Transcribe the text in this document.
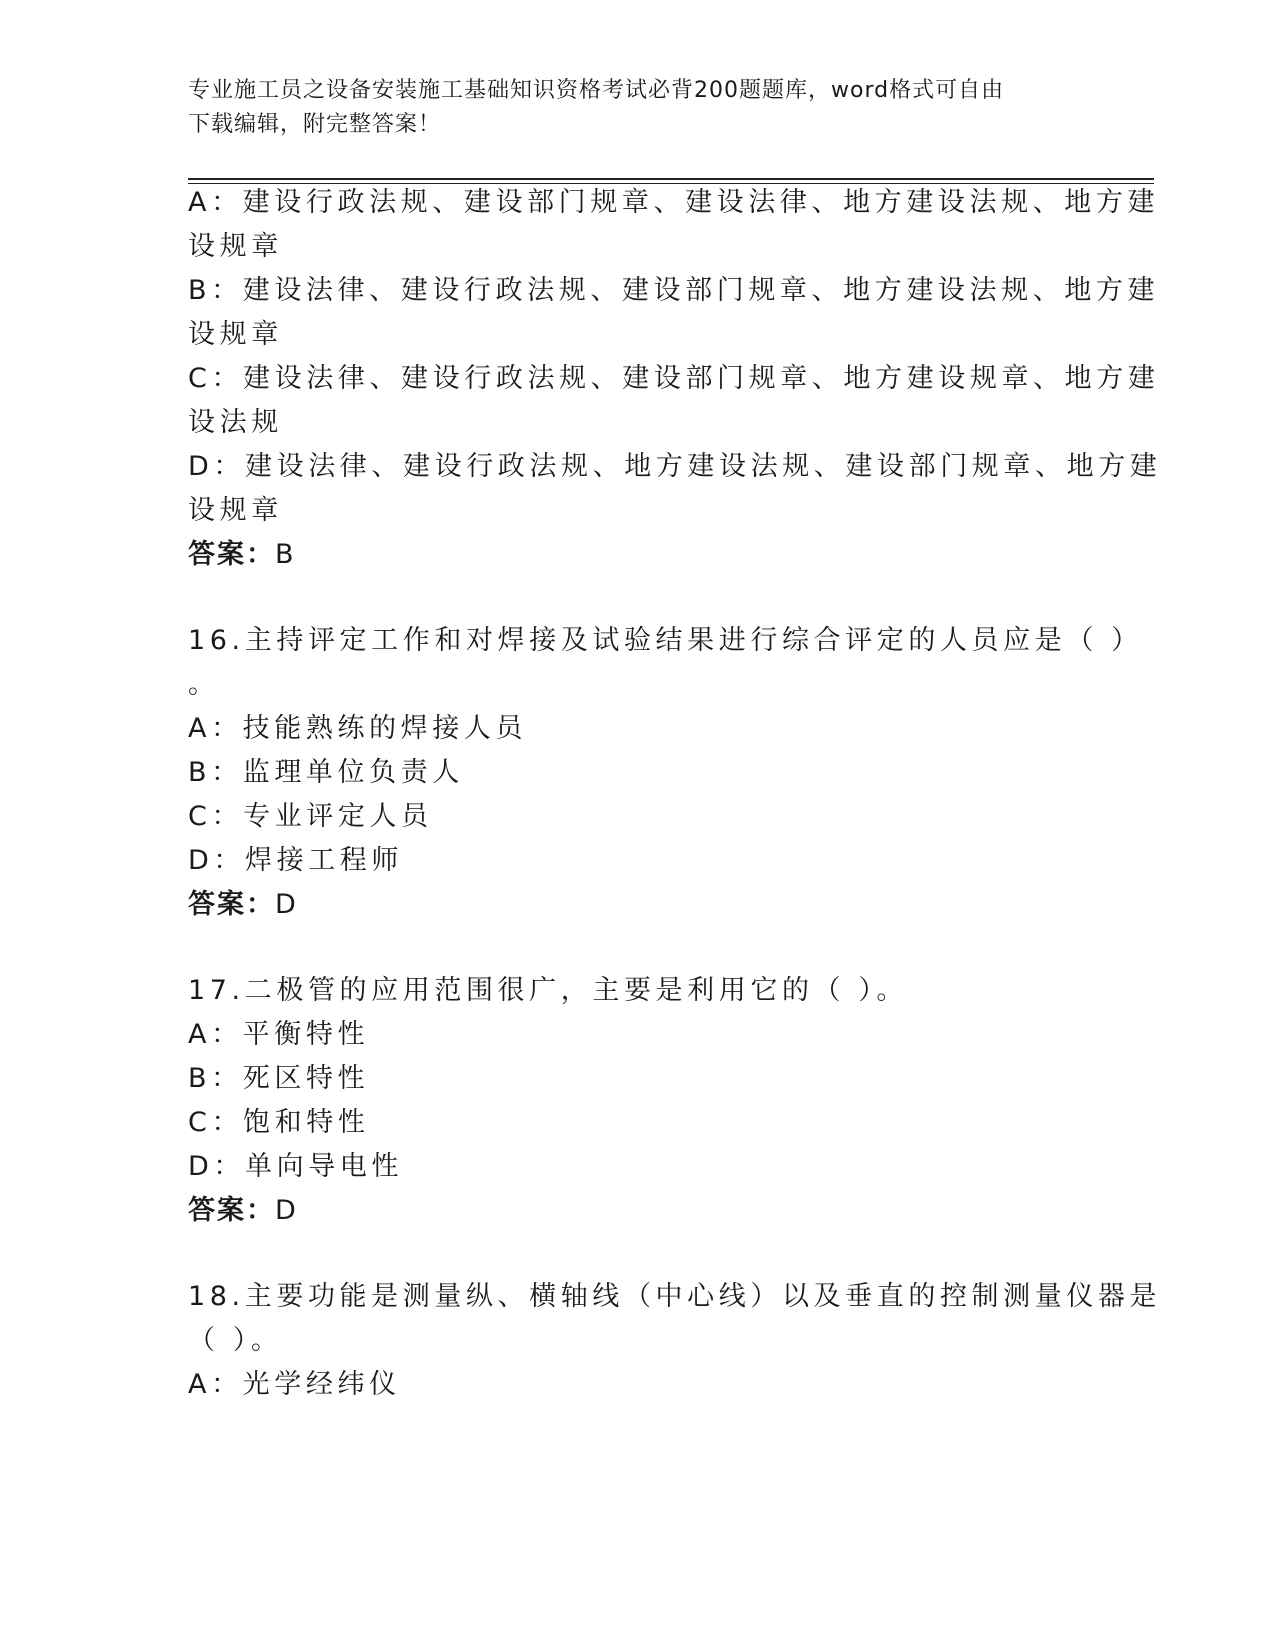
专业施工员之设备安装施工基础知识资格考试必背200题题库，word格式可自由
下载编辑，附完整答案！
A：建设行政法规、建设部门规章、建设法律、地方建设法规、地方建
设规章
B：建设法律、建设行政法规、建设部门规章、地方建设法规、地方建
设规章
C：建设法律、建设行政法规、建设部门规章、地方建设规章、地方建
设法规
D：建设法律、建设行政法规、地方建设法规、建设部门规章、地方建
设规章
答案：B
16.主持评定工作和对焊接及试验结果进行综合评定的人员应是（ ）
。
A：技能熟练的焊接人员
B：监理单位负责人
C：专业评定人员
D：焊接工程师
答案：D
17.二极管的应用范围很广，主要是利用它的（ ）。
A：平衡特性
B：死区特性
C：饱和特性
D：单向导电性
答案：D
18.主要功能是测量纵、横轴线（中心线）以及垂直的控制测量仪器是
（ ）。
A：光学经纬仪
